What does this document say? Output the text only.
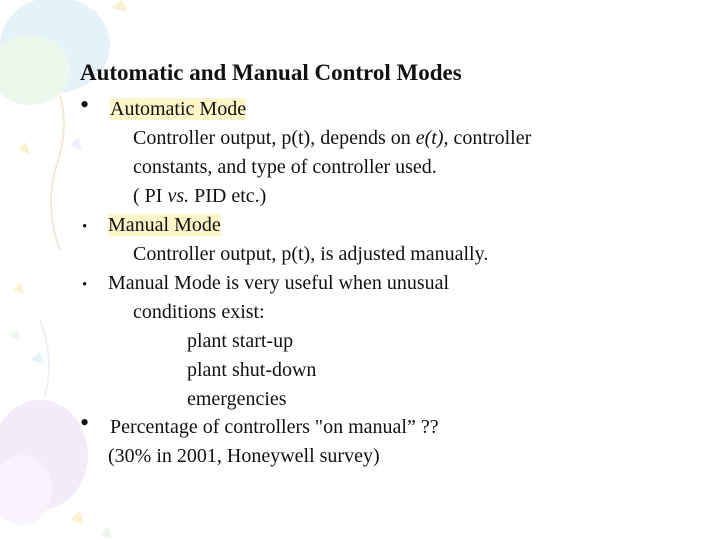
Automatic and Manual Control Modes
• Automatic Mode
Controller output, p(t), depends on e(t), controller
constants, and type of controller used.
( PI vs. PID etc.)
• Manual Mode
Controller output, p(t), is adjusted manually.
• Manual Mode is very useful when unusual
conditions exist:
plant start-up
plant shut-down
emergencies
• Percentage of controllers "on manual” ??
(30% in 2001, Honeywell survey)
